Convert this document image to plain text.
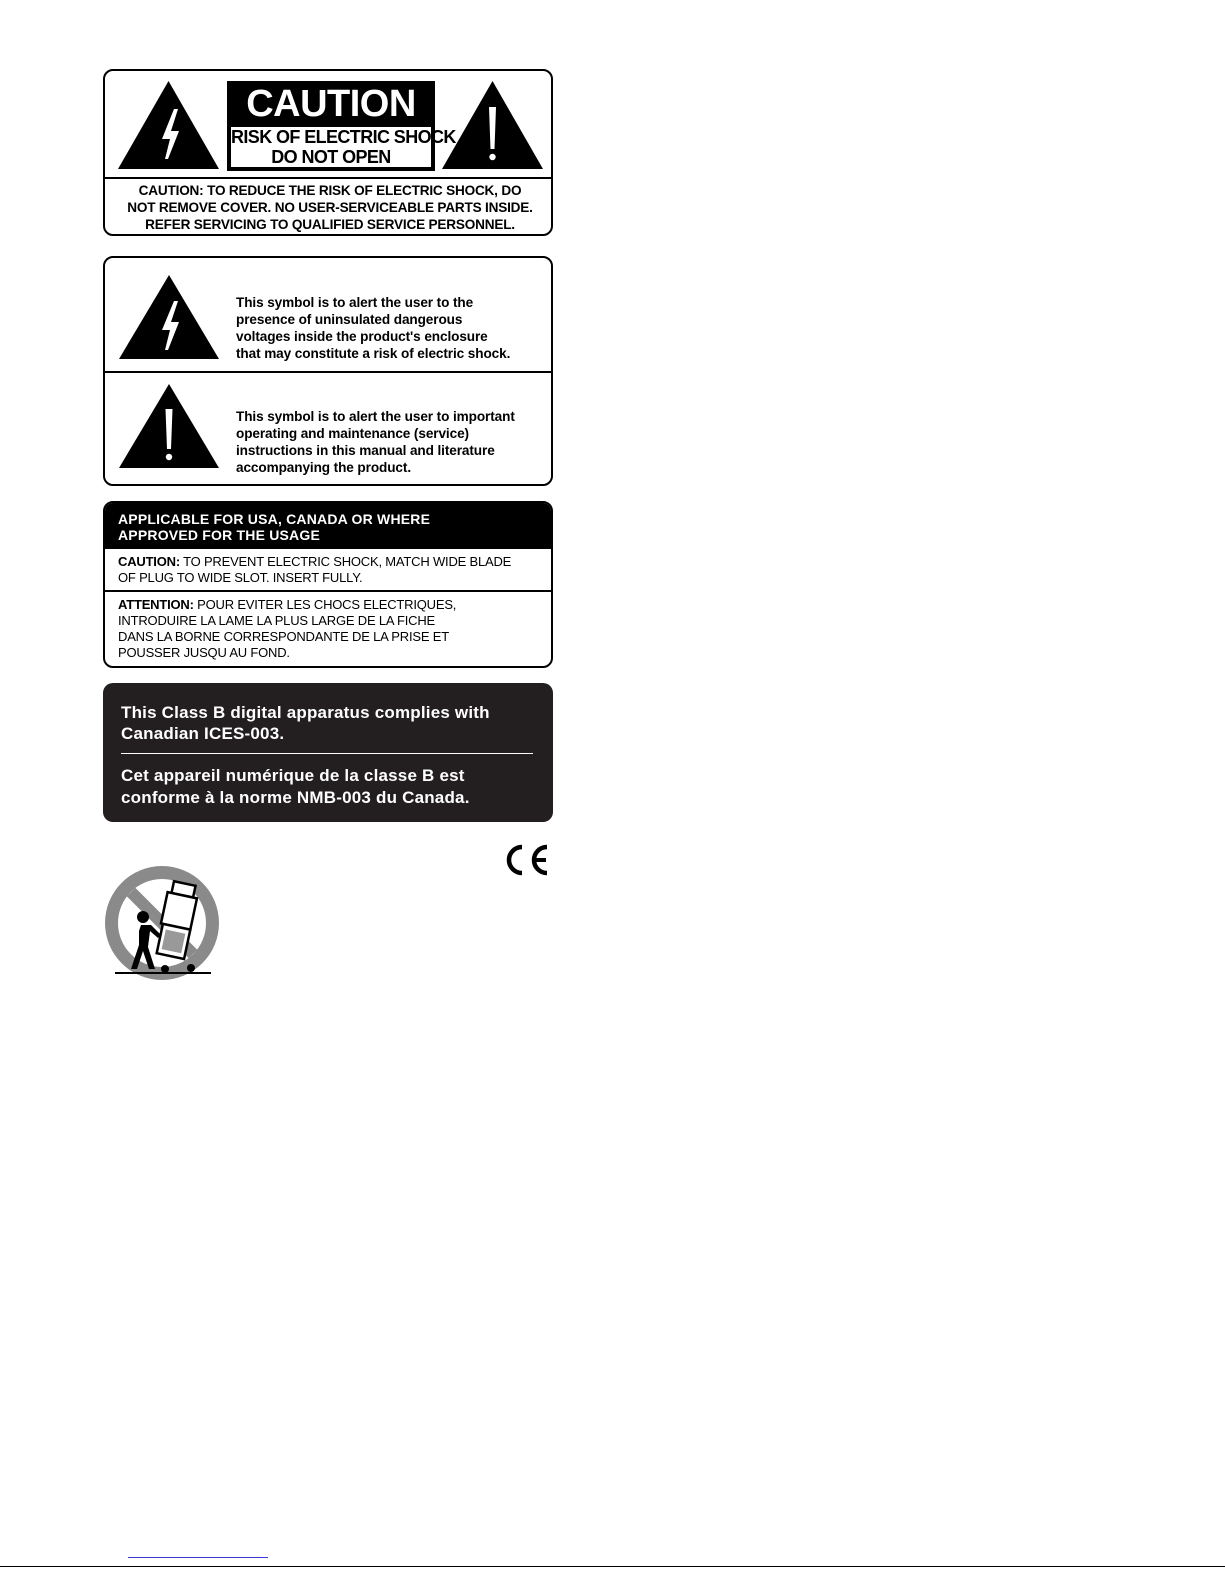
CAUTION
RISK OF ELECTRIC SHOCK
DO NOT OPEN
CAUTION: TO REDUCE THE RISK OF ELECTRIC SHOCK, DO
NOT REMOVE COVER. NO USER-SERVICEABLE PARTS INSIDE.
REFER SERVICING TO QUALIFIED SERVICE PERSONNEL.
This symbol is to alert the user to the
presence of uninsulated dangerous
voltages inside the product's enclosure
that may constitute a risk of electric shock.
This symbol is to alert the user to important
operating and maintenance (service)
instructions in this manual and literature
accompanying the product.
APPLICABLE FOR USA, CANADA OR WHERE
APPROVED FOR THE USAGE
CAUTION: TO PREVENT ELECTRIC SHOCK, MATCH WIDE BLADE
OF PLUG TO WIDE SLOT. INSERT FULLY.
ATTENTION: POUR EVITER LES CHOCS ELECTRIQUES,
INTRODUIRE LA LAME LA PLUS LARGE DE LA FICHE
DANS LA BORNE CORRESPONDANTE DE LA PRISE ET
POUSSER JUSQU AU FOND.
This Class B digital apparatus complies with
Canadian ICES-003.
Cet appareil numérique de la classe B est
conforme à la norme NMB-003 du Canada.
